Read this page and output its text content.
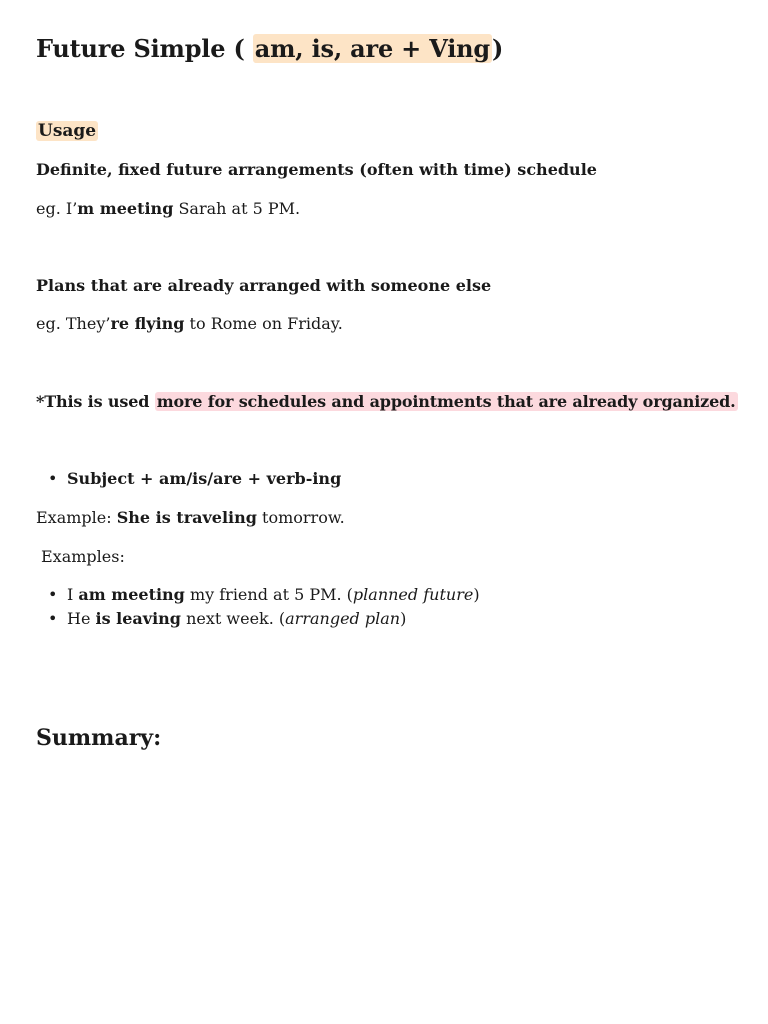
Future Simple ( am, is, are + Ving)
Usage
Definite, fixed future arrangements (often with time) schedule
eg. I’m meeting Sarah at 5 PM.
Plans that are already arranged with someone else
eg. They’re flying to Rome on Friday.
*This is used more for schedules and appointments that are already organized.
• Subject + am/is/are + verb-ing
Example: She is traveling tomorrow.
Examples:
• I am meeting my friend at 5 PM. (planned future)
• He is leaving next week. (arranged plan)
Summary:
